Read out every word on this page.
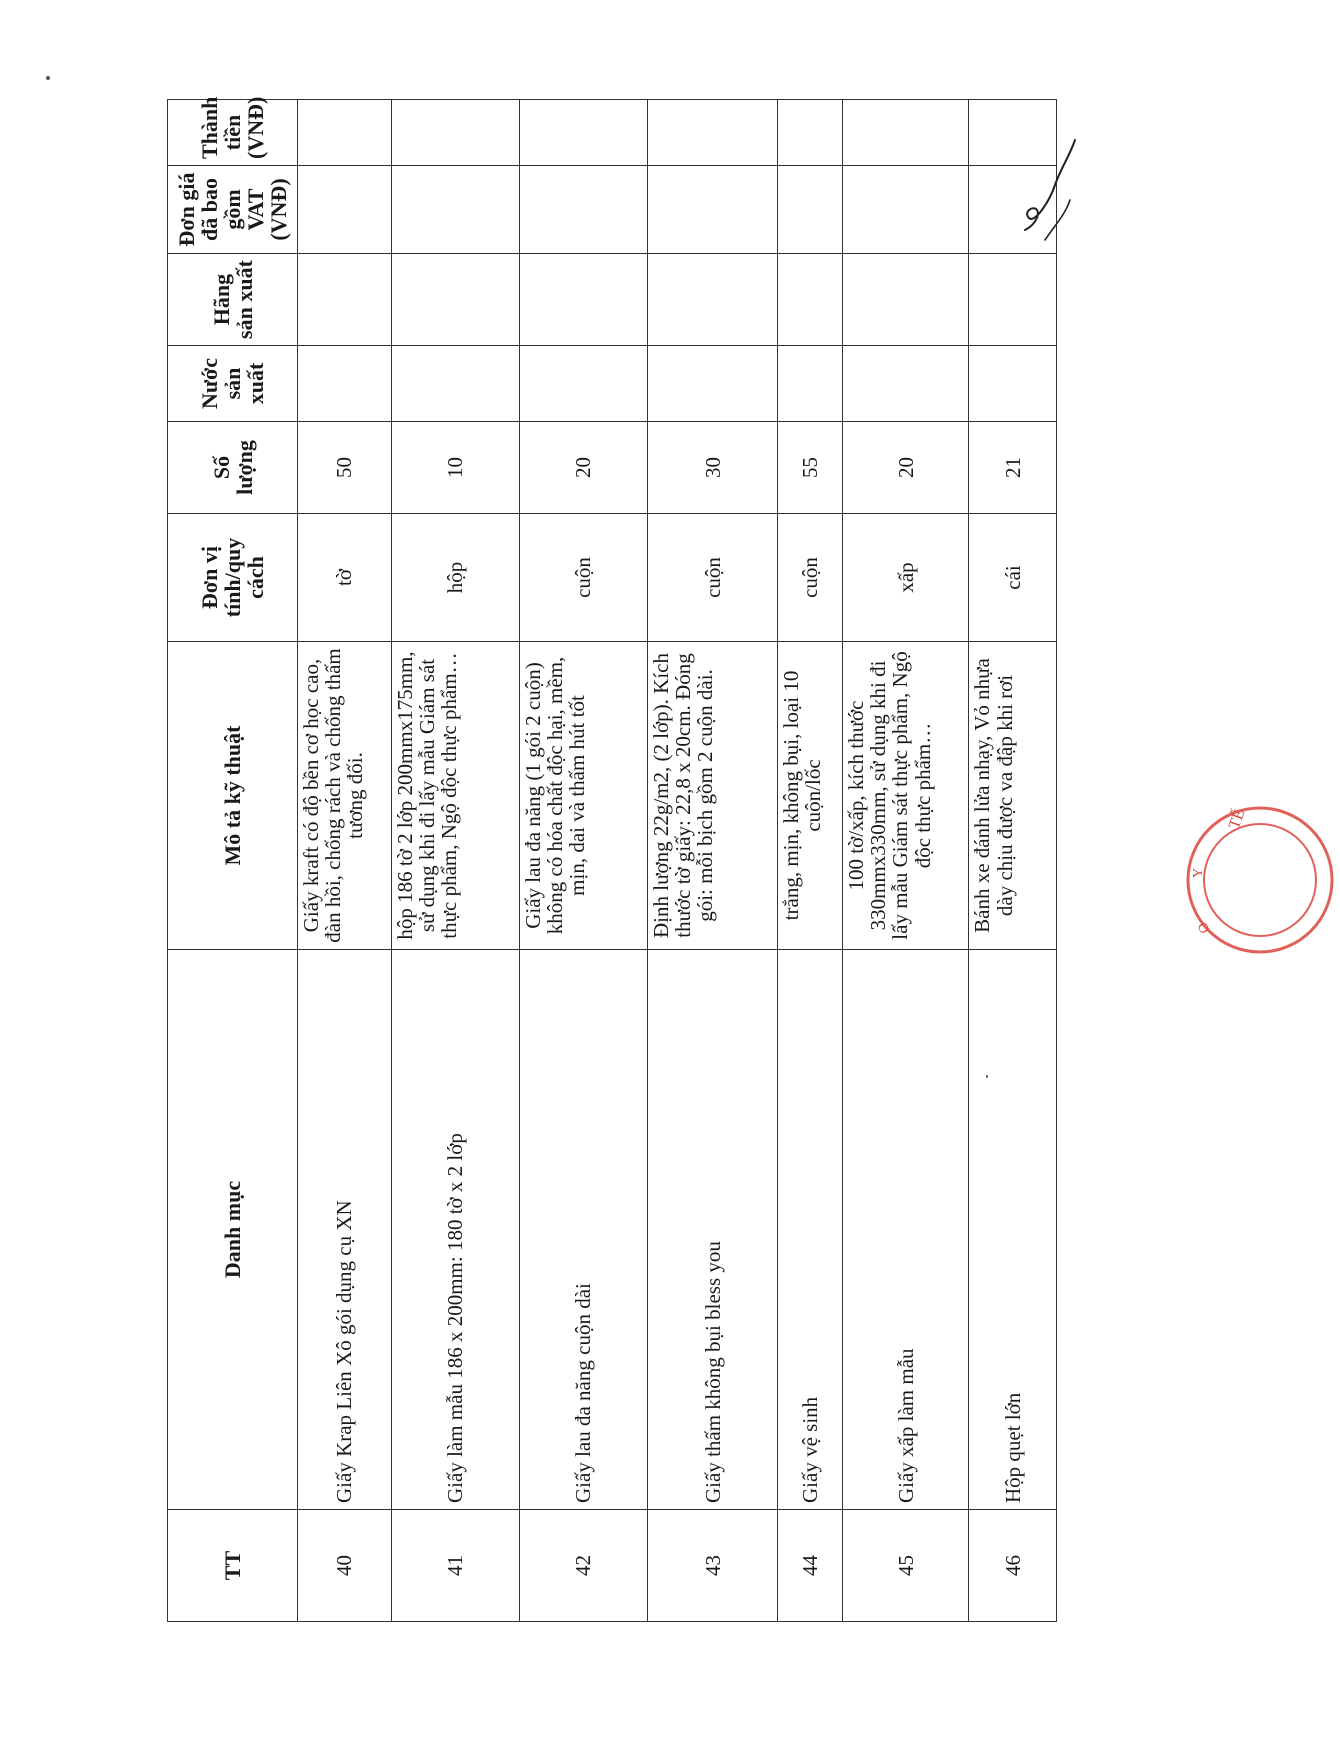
TT	Danh mục	Mô tả kỹ thuật	Đơn vị tính/quy cách	Số lượng	Nước sản xuất	Hãng sản xuất	Đơn giá đã bao gồm VAT (VNĐ)	Thành tiền (VNĐ)
40	Giấy Krap Liên Xô gói dụng cụ XN	Giấy kraft có độ bền cơ học cao, đàn hồi, chống rách và chống thấm tương đối.	tờ	50				
41	Giấy làm mẫu 186 x 200mm: 180 tờ x 2 lớp	hộp 186 tờ 2 lớp 200mmx175mm, sử dụng khi đi lấy mẫu Giám sát thực phẩm, Ngộ độc thực phẩm…	hộp	10				
42	Giấy lau đa năng cuộn dài	Giấy lau đa năng (1 gói 2 cuộn) không có hóa chất độc hại, mềm, mịn, dai và thấm hút tốt	cuộn	20				
43	Giấy thấm không bụi bless you	Định lượng 22g/m2, (2 lớp). Kích thước tờ giấy: 22,8 x 20cm. Đóng gói: mỗi bịch gồm 2 cuộn dài.	cuộn	30				
44	Giấy vệ sinh	trắng, mịn, không bụi, loại 10 cuộn/lốc	cuộn	55				
45	Giấy xấp làm mẫu	100 tờ/xấp, kích thước 330mmx330mm, sử dụng khi đi lấy mẫu Giám sát thực phẩm, Ngộ độc thực phẩm…	xấp	20				
46	Hộp quẹt lớn	Bánh xe đánh lửa nhạy, Vỏ nhựa dày chịu được va đập khi rơi	cái	21				
TẾ
Y
O
